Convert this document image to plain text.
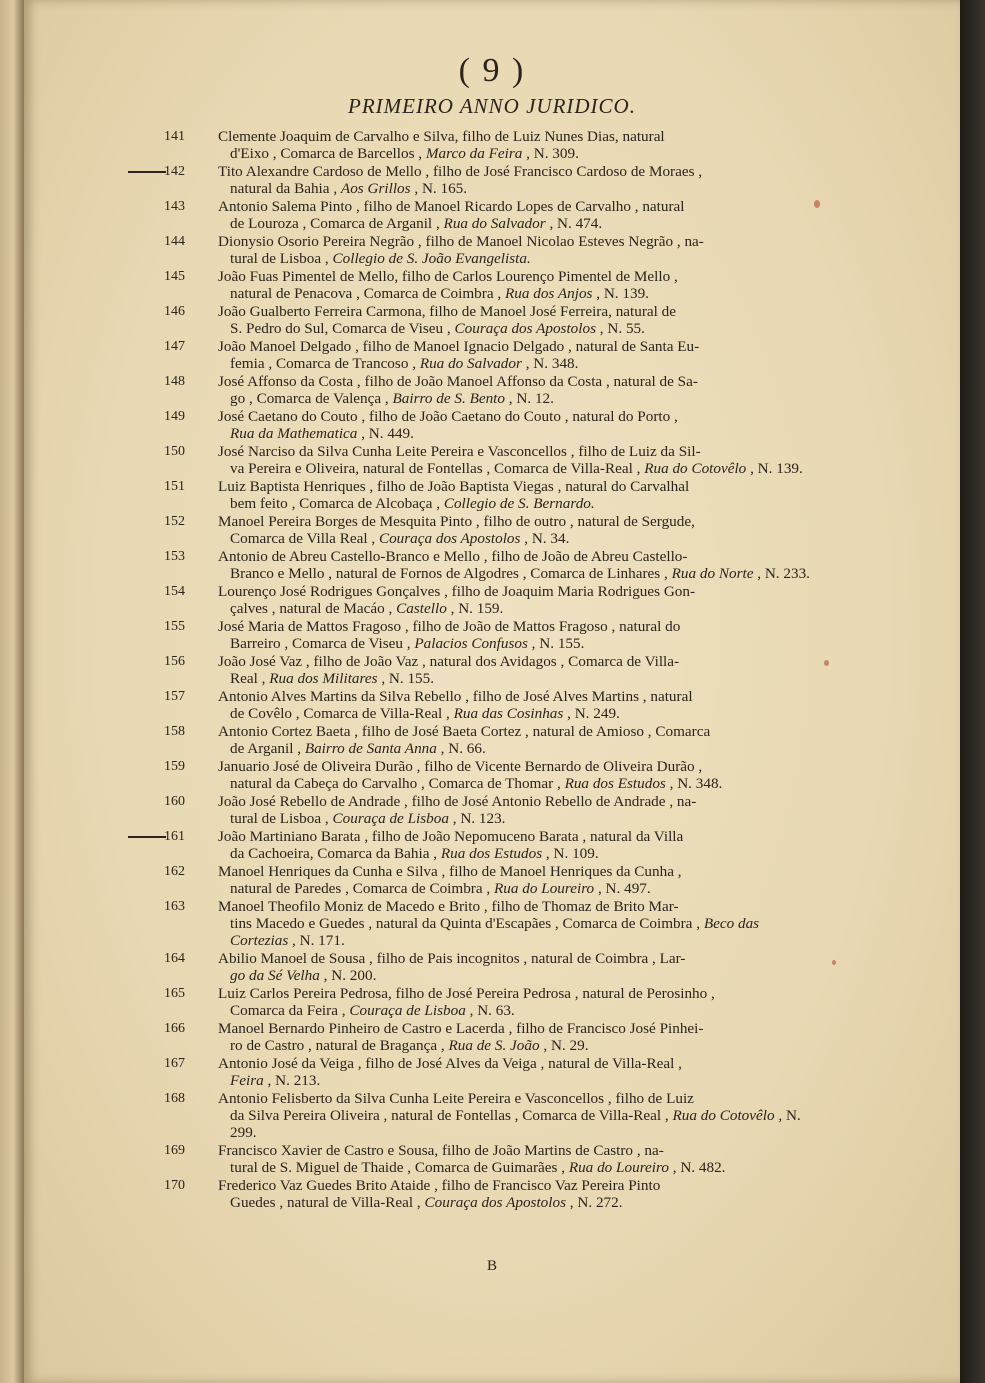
( 9 )
PRIMEIRO ANNO JURIDICO.
141	Clemente Joaquim de Carvalho e Silva, filho de Luiz Nunes Dias, natural
d'Eixo , Comarca de Barcellos , Marco da Feira , N. 309.
142	Tito Alexandre Cardoso de Mello , filho de José Francisco Cardoso de Moraes ,
natural da Bahia , Aos Grillos , N. 165.
143	Antonio Salema Pinto , filho de Manoel Ricardo Lopes de Carvalho , natural
de Louroza , Comarca de Arganil , Rua do Salvador , N. 474.
144	Dionysio Osorio Pereira Negrão , filho de Manoel Nicolao Esteves Negrão , na-
tural de Lisboa , Collegio de S. João Evangelista.
145	João Fuas Pimentel de Mello, filho de Carlos Lourenço Pimentel de Mello ,
natural de Penacova , Comarca de Coimbra , Rua dos Anjos , N. 139.
146	João Gualberto Ferreira Carmona, filho de Manoel José Ferreira, natural de
S. Pedro do Sul, Comarca de Viseu , Couraça dos Apostolos , N. 55.
147	João Manoel Delgado , filho de Manoel Ignacio Delgado , natural de Santa Eu-
femia , Comarca de Trancoso , Rua do Salvador , N. 348.
148	José Affonso da Costa , filho de João Manoel Affonso da Costa , natural de Sa-
go , Comarca de Valença , Bairro de S. Bento , N. 12.
149	José Caetano do Couto , filho de João Caetano do Couto , natural do Porto ,
Rua da Mathematica , N. 449.
150	José Narciso da Silva Cunha Leite Pereira e Vasconcellos , filho de Luiz da Sil-
va Pereira e Oliveira, natural de Fontellas , Comarca de Villa-Real , Rua do Cotovêlo , N. 139.
151	Luiz Baptista Henriques , filho de João Baptista Viegas , natural do Carvalhal
bem feito , Comarca de Alcobaça , Collegio de S. Bernardo.
152	Manoel Pereira Borges de Mesquita Pinto , filho de outro , natural de Sergude,
Comarca de Villa Real , Couraça dos Apostolos , N. 34.
153	Antonio de Abreu Castello-Branco e Mello , filho de João de Abreu Castello-
Branco e Mello , natural de Fornos de Algodres , Comarca de Linhares , Rua do Norte , N. 233.
154	Lourenço José Rodrigues Gonçalves , filho de Joaquim Maria Rodrigues Gon-
çalves , natural de Macáo , Castello , N. 159.
155	José Maria de Mattos Fragoso , filho de João de Mattos Fragoso , natural do
Barreiro , Comarca de Viseu , Palacios Confusos , N. 155.
156	João José Vaz , filho de João Vaz , natural dos Avidagos , Comarca de Villa-
Real , Rua dos Militares , N. 155.
157	Antonio Alves Martins da Silva Rebello , filho de José Alves Martins , natural
de Covêlo , Comarca de Villa-Real , Rua das Cosinhas , N. 249.
158	Antonio Cortez Baeta , filho de José Baeta Cortez , natural de Amioso , Comarca
de Arganil , Bairro de Santa Anna , N. 66.
159	Januario José de Oliveira Durão , filho de Vicente Bernardo de Oliveira Durão ,
natural da Cabeça do Carvalho , Comarca de Thomar , Rua dos Estudos , N. 348.
160	João José Rebello de Andrade , filho de José Antonio Rebello de Andrade , na-
tural de Lisboa , Couraça de Lisboa , N. 123.
161	João Martiniano Barata , filho de João Nepomuceno Barata , natural da Villa
da Cachoeira, Comarca da Bahia , Rua dos Estudos , N. 109.
162	Manoel Henriques da Cunha e Silva , filho de Manoel Henriques da Cunha ,
natural de Paredes , Comarca de Coimbra , Rua do Loureiro , N. 497.
163	Manoel Theofilo Moniz de Macedo e Brito , filho de Thomaz de Brito Mar-
tins Macedo e Guedes , natural da Quinta d'Escapães , Comarca de Coimbra , Beco das Cortezias , N. 171.
164	Abilio Manoel de Sousa , filho de Pais incognitos , natural de Coimbra , Lar-
go da Sé Velha , N. 200.
165	Luiz Carlos Pereira Pedrosa, filho de José Pereira Pedrosa , natural de Perosinho ,
Comarca da Feira , Couraça de Lisboa , N. 63.
166	Manoel Bernardo Pinheiro de Castro e Lacerda , filho de Francisco José Pinhei-
ro de Castro , natural de Bragança , Rua de S. João , N. 29.
167	Antonio José da Veiga , filho de José Alves da Veiga , natural de Villa-Real ,
Feira , N. 213.
168	Antonio Felisberto da Silva Cunha Leite Pereira e Vasconcellos , filho de Luiz
da Silva Pereira Oliveira , natural de Fontellas , Comarca de Villa-Real , Rua do Cotovêlo , N. 299.
169	Francisco Xavier de Castro e Sousa, filho de João Martins de Castro , na-
tural de S. Miguel de Thaide , Comarca de Guimarães , Rua do Loureiro , N. 482.
170	Frederico Vaz Guedes Brito Ataide , filho de Francisco Vaz Pereira Pinto
Guedes , natural de Villa-Real , Couraça dos Apostolos , N. 272.
B
